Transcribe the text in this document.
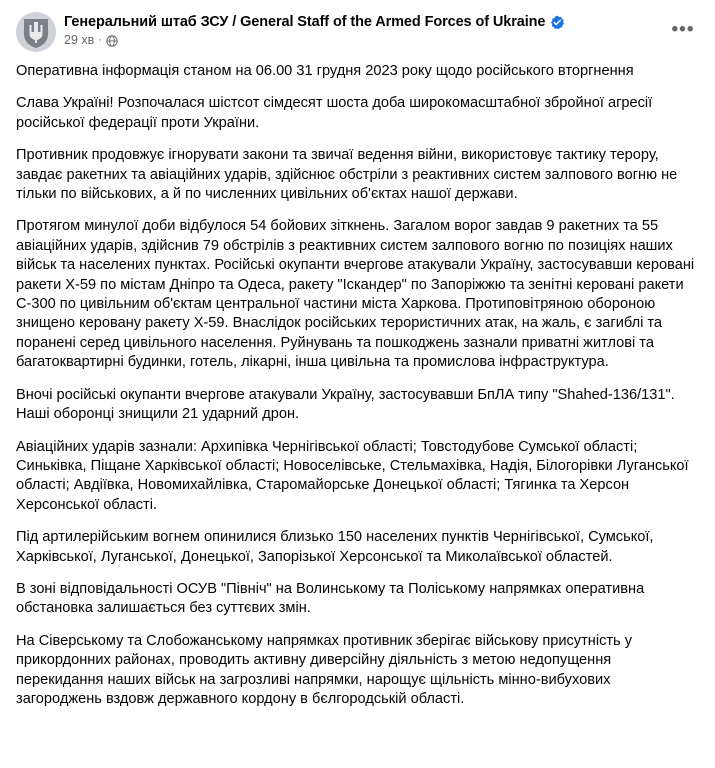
Генеральний штаб ЗСУ / General Staff of the Armed Forces of Ukraine
29 хв ·	•••

Оперативна інформація станом на 06.00 31 грудня 2023 року щодо російського вторгнення

Слава Україні! Розпочалася шістсот сімдесят шоста доба широкомасштабної збройної агресії російської федерації проти України.

Противник продовжує ігнорувати закони та звичаї ведення війни, використовує тактику терору, завдає ракетних та авіаційних ударів, здійснює обстріли з реактивних систем залпового вогню не тільки по військових, а й по численних цивільних об'єктах нашої держави.

Протягом минулої доби відбулося 54 бойових зіткнень. Загалом ворог завдав 9 ракетних та 55 авіаційних ударів, здійснив 79 обстрілів з реактивних систем залпового вогню по позиціях наших військ та населених пунктах. Російські окупанти вчергове атакували Україну, застосувавши керовані ракети Х-59 по містам Дніпро та Одеса, ракету "Іскандер" по Запоріжжю та зенітні керовані ракети С-300 по цивільним об'єктам центральної частини міста Харкова. Протиповітряною обороною знищено керовану ракету Х-59. Внаслідок російських терористичних атак, на жаль, є загиблі та поранені серед цивільного населення. Руйнувань та пошкоджень зазнали приватні житлові та багатоквартирні будинки, готель, лікарні, інша цивільна та промислова інфраструктура.

Вночі російські окупанти вчергове атакували Україну, застосувавши БпЛА типу "Shahed-136/131". Наші оборонці знищили 21 ударний дрон.

Авіаційних ударів зазнали: Архипівка Чернігівської області; Товстодубове Сумської області; Синьківка, Піщане Харківської області; Новоселівське, Стельмахівка, Надія, Білогорівки Луганської області; Авдіївка, Новомихайлівка, Старомайорське Донецької області; Тягинка та Херсон Херсонської області.

Під артилерійським вогнем опинилися близько 150 населених пунктів Чернігівської, Сумської, Харківської, Луганської, Донецької, Запорізької Херсонської та Миколаївської областей.

В зоні відповідальності ОСУВ "Північ" на Волинському та Поліському напрямках оперативна обстановка залишається без суттєвих змін.

На Сіверському та Слобожанському напрямках противник зберігає військову присутність у прикордонних районах, проводить активну диверсійну діяльність з метою недопущення перекидання наших військ на загрозливі напрямки, нарощує щільність мінно-вибухових загороджень вздовж державного кордону в бєлгородській області.
